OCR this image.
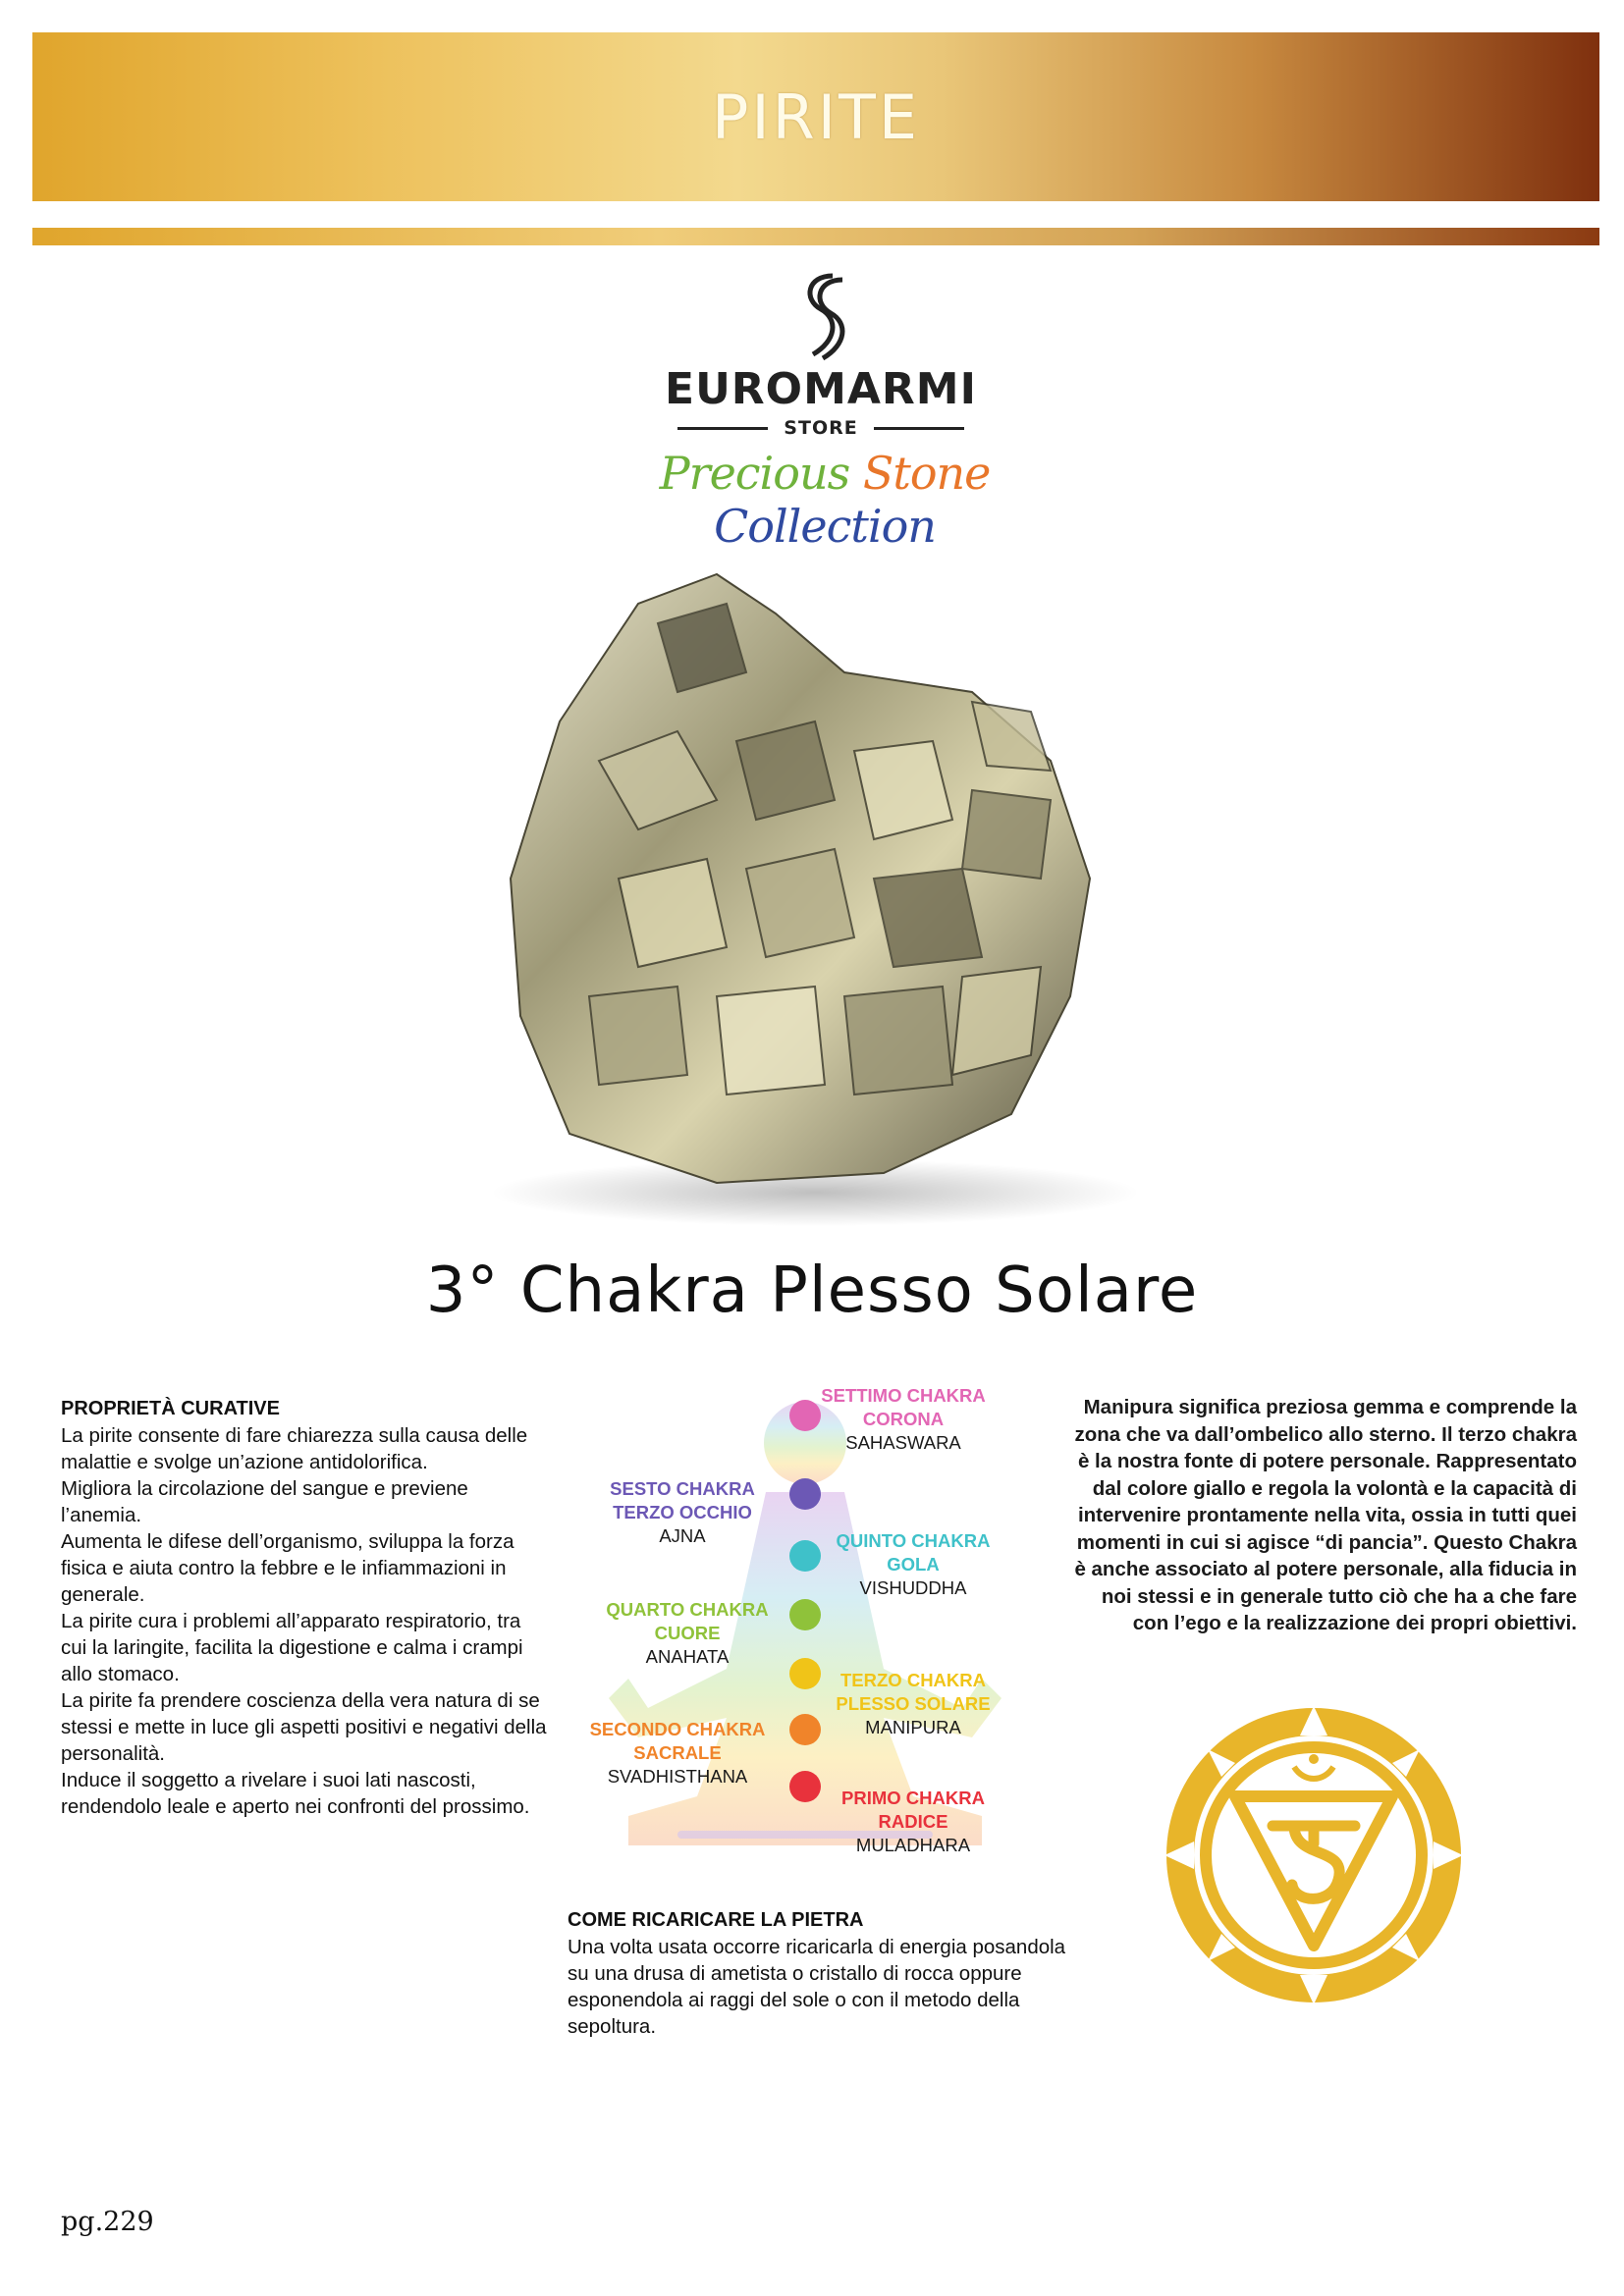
PIRITE
EUROMARMI
STORE
Precious Stone Collection
3° Chakra Plesso Solare
PROPRIETÀ CURATIVE

La pirite consente di fare chiarezza sulla causa delle malattie e svolge un’azione antidolorifica.

Migliora la circolazione del sangue e previene l’anemia.

Aumenta le difese dell’organismo, sviluppa la forza fisica e aiuta contro la febbre e le infiammazioni in generale.

La pirite cura i problemi all’apparato respiratorio, tra cui la laringite, facilita la digestione e calma i crampi allo stomaco.

La pirite fa prendere coscienza della vera natura di se stessi e mette in luce gli aspetti positivi e negativi della personalità.

Induce il soggetto a rivelare i suoi lati nascosti, rendendolo leale e aperto nei confronti del prossimo.

SETTIMO CHAKRA CORONA
SAHASWARA
SESTO CHAKRA TERZO OCCHIO
AJNA	QUINTO CHAKRA GOLA
VISHUDDHA
QUARTO CHAKRA CUORE
ANAHATA
TERZO CHAKRA PLESSO SOLARE
MANIPURA
SECONDO CHAKRA SACRALE
SVADHISTHANA
PRIMO CHAKRA RADICE
MULADHARA
Manipura significa preziosa gemma e comprende la zona che va dall’ombelico allo sterno. Il terzo chakra è la nostra fonte di potere personale. Rappresentato dal colore giallo e regola la volontà e la capacità di intervenire prontamente nella vita, ossia in tutti quei momenti in cui si agisce “di pancia”. Questo Chakra è anche associato al potere personale, alla fiducia in noi stessi e in generale tutto ciò che ha a che fare con l’ego e la realizzazione dei propri obiettivi.
COME RICARICARE LA PIETRA

Una volta usata occorre ricaricarla di energia posandola su una drusa di ametista o cristallo di rocca oppure esponendola ai raggi del sole o con il metodo della sepoltura.

pg.229
